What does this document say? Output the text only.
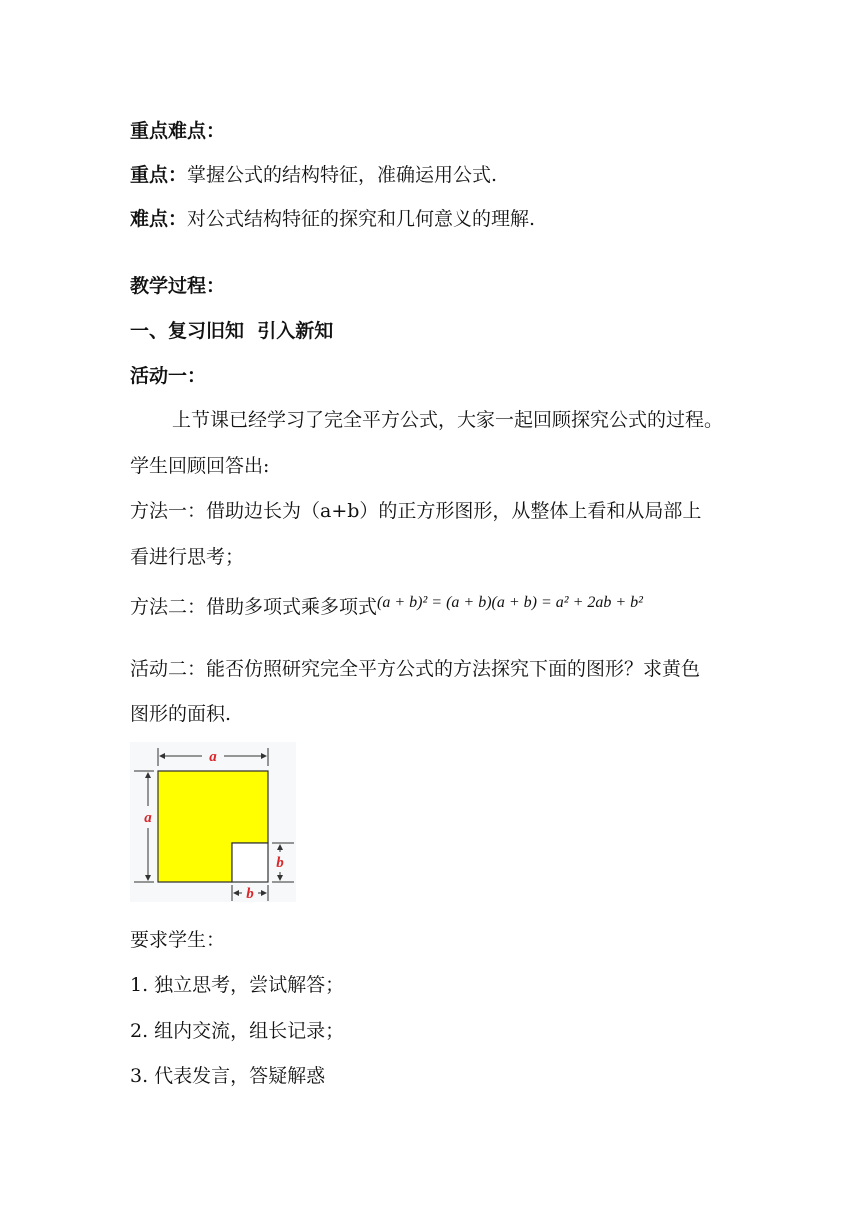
重点难点：
重点：掌握公式的结构特征，准确运用公式.
难点：对公式结构特征的探究和几何意义的理解.
教学过程：
一、复习旧知  引入新知
活动一：
上节课已经学习了完全平方公式，大家一起回顾探究公式的过程。
学生回顾回答出:
方法一：借助边长为（a+b）的正方形图形，从整体上看和从局部上
看进行思考；
方法二：借助多项式乘多项式$^{(a + b)^2 = (a + b)(a + b) = a^2 + 2ab + b^2}$
活动二：能否仿照研究完全平方公式的方法探究下面的图形？求黄色
图形的面积.
a
a
b
b
要求学生：
1. 独立思考，尝试解答；
2. 组内交流，组长记录；
3. 代表发言，答疑解惑
